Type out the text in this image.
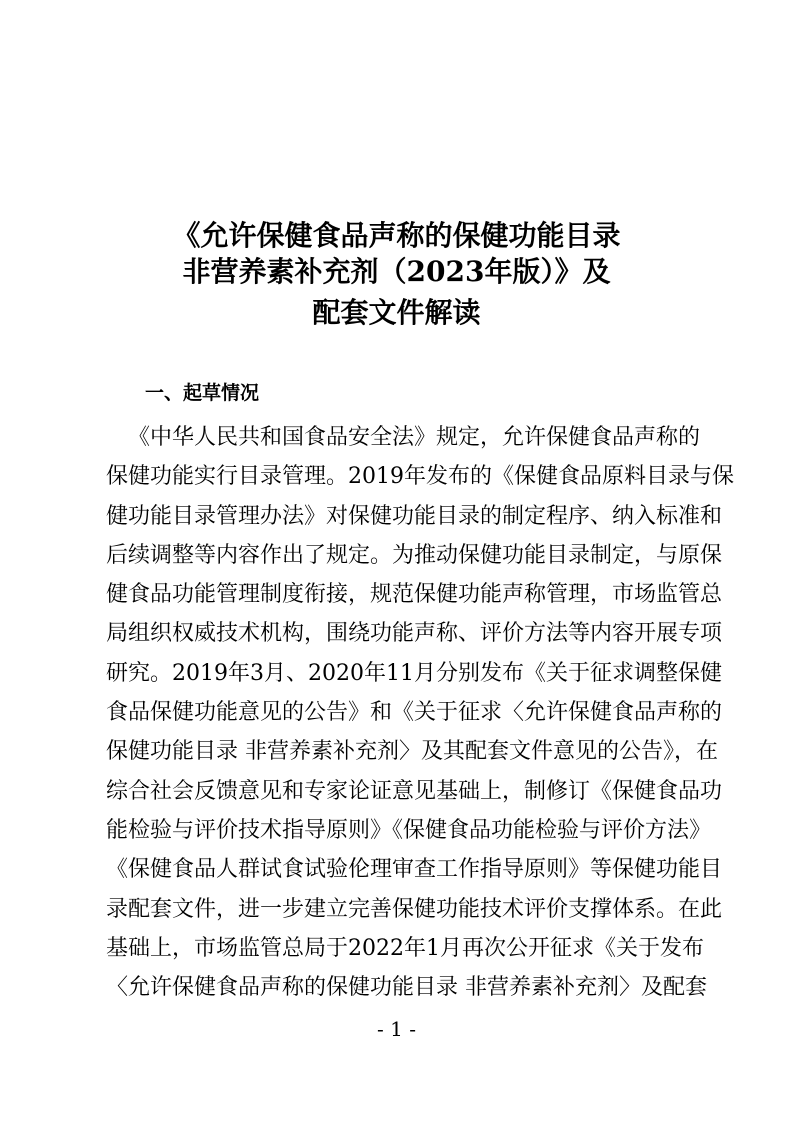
《允许保健食品声称的保健功能目录
非营养素补充剂（2023年版）》及
配套文件解读
一、起草情况
《中华人民共和国食品安全法》规定，允许保健食品声称的
保健功能实行目录管理。2019年发布的《保健食品原料目录与保
健功能目录管理办法》对保健功能目录的制定程序、纳入标准和
后续调整等内容作出了规定。为推动保健功能目录制定，与原保
健食品功能管理制度衔接，规范保健功能声称管理，市场监管总
局组织权威技术机构，围绕功能声称、评价方法等内容开展专项
研究。2019年3月、2020年11月分别发布《关于征求调整保健
食品保健功能意见的公告》和《关于征求〈允许保健食品声称的
保健功能目录 非营养素补充剂〉及其配套文件意见的公告》，在
综合社会反馈意见和专家论证意见基础上，制修订《保健食品功
能检验与评价技术指导原则》《保健食品功能检验与评价方法》
《保健食品人群试食试验伦理审查工作指导原则》等保健功能目
录配套文件，进一步建立完善保健功能技术评价支撑体系。在此
基础上，市场监管总局于2022年1月再次公开征求《关于发布
〈允许保健食品声称的保健功能目录 非营养素补充剂〉及配套
- 1 -
